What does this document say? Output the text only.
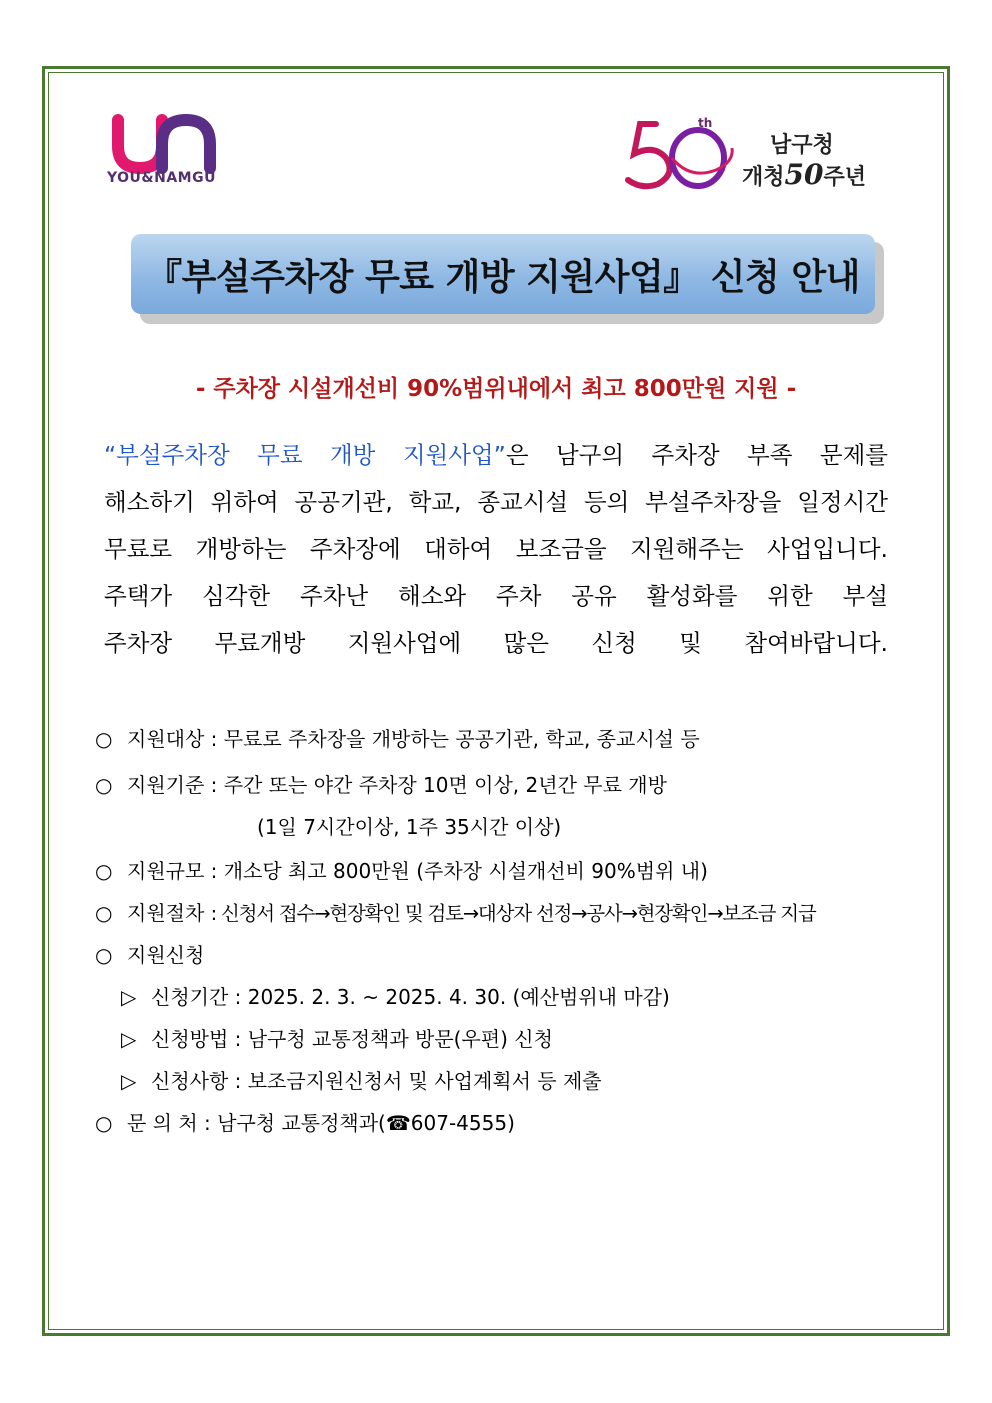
YOU&NAMGU
th
남구청
개청50주년
『부설주차장 무료 개방 지원사업』 신청 안내
- 주차장 시설개선비 90%범위내에서 최고 800만원 지원 -
“부설주차장 무료 개방 지원사업”은 남구의 주차장 부족 문제를
해소하기 위하여 공공기관, 학교, 종교시설 등의 부설주차장을 일정시간
무료로 개방하는 주차장에 대하여 보조금을 지원해주는 사업입니다.
주택가 심각한 주차난 해소와 주차 공유 활성화를 위한 부설
주차장 무료개방 지원사업에 많은 신청 및 참여바랍니다.
○ 지원대상 : 무료로 주차장을 개방하는 공공기관, 학교, 종교시설 등
○ 지원기준 : 주간 또는 야간 주차장 10면 이상, 2년간 무료 개방
(1일 7시간이상, 1주 35시간 이상)
○ 지원규모 : 개소당 최고 800만원 (주차장 시설개선비 90%범위 내)
○ 지원절차 : 신청서 접수→현장확인 및 검토→대상자 선정→공사→현장확인→보조금 지급
○ 지원신청
▷ 신청기간 : 2025. 2. 3. ~ 2025. 4. 30. (예산범위내 마감)
▷ 신청방법 : 남구청 교통정책과 방문(우편) 신청
▷ 신청사항 : 보조금지원신청서 및 사업계획서 등 제출
○ 문 의 처 : 남구청 교통정책과(☎607-4555)
